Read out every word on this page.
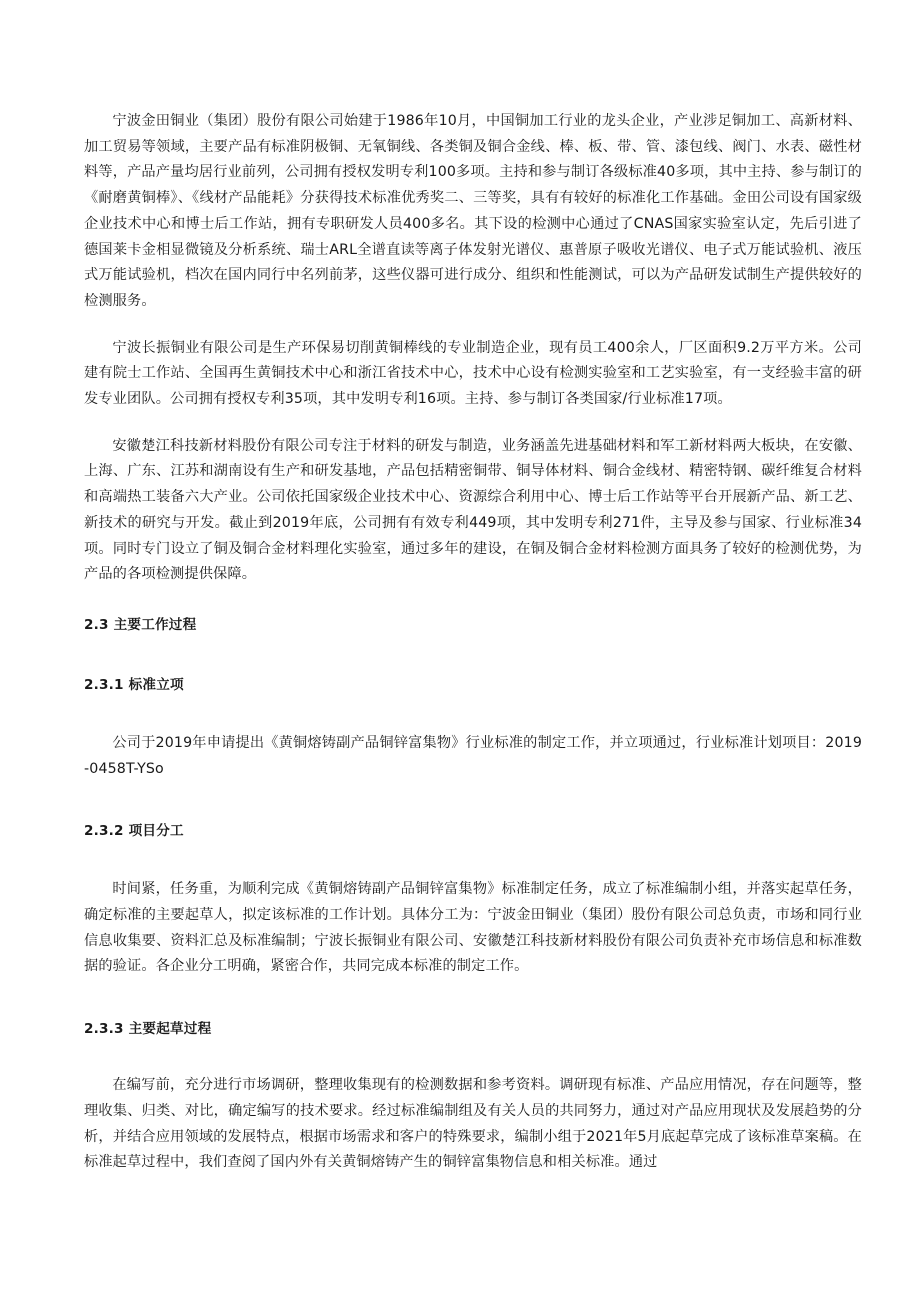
宁波金田铜业（集团）股份有限公司始建于1986年10月，中国铜加工行业的龙头企业，产业涉足铜加工、高新材料、加工贸易等领域，主要产品有标准阴极铜、无氧铜线、各类铜及铜合金线、棒、板、带、管、漆包线、阀门、水表、磁性材料等，产品产量均居行业前列，公司拥有授权发明专利100多项。主持和参与制订各级标准40多项，其中主持、参与制订的《耐磨黄铜棒》、《线材产品能耗》分获得技术标准优秀奖二、三等奖，具有有较好的标准化工作基础。金田公司设有国家级企业技术中心和博士后工作站，拥有专职研发人员400多名。其下设的检测中心通过了CNAS国家实验室认定，先后引进了德国莱卡金相显微镜及分析系统、瑞士ARL全谱直读等离子体发射光谱仪、惠普原子吸收光谱仪、电子式万能试验机、液压式万能试验机，档次在国内同行中名列前茅，这些仪器可进行成分、组织和性能测试，可以为产品研发试制生产提供较好的检测服务。

宁波长振铜业有限公司是生产环保易切削黄铜棒线的专业制造企业，现有员工400余人，厂区面积9.2万平方米。公司建有院士工作站、全国再生黄铜技术中心和浙江省技术中心，技术中心设有检测实验室和工艺实验室，有一支经验丰富的研发专业团队。公司拥有授权专利35项，其中发明专利16项。主持、参与制订各类国家/行业标准17项。

安徽楚江科技新材料股份有限公司专注于材料的研发与制造，业务涵盖先进基础材料和军工新材料两大板块，在安徽、上海、广东、江苏和湖南设有生产和研发基地，产品包括精密铜带、铜导体材料、铜合金线材、精密特钢、碳纤维复合材料和高端热工装备六大产业。公司依托国家级企业技术中心、资源综合利用中心、博士后工作站等平台开展新产品、新工艺、新技术的研究与开发。截止到2019年底，公司拥有有效专利449项，其中发明专利271件，主导及参与国家、行业标准34项。同时专门设立了铜及铜合金材料理化实验室，通过多年的建设，在铜及铜合金材料检测方面具务了较好的检测优势，为产品的各项检测提供保障。

2.3 主要工作过程
2.3.1 标准立项

公司于2019年申请提出《黄铜熔铸副产品铜锌富集物》行业标准的制定工作，并立项通过，行业标准计划项目：2019-0458T-YSo

2.3.2 项目分工

时间紧，任务重，为顺利完成《黄铜熔铸副产品铜锌富集物》标准制定任务，成立了标准编制小组，并落实起草任务，确定标准的主要起草人，拟定该标准的工作计划。具体分工为：宁波金田铜业（集团）股份有限公司总负责，市场和同行业信息收集要、资料汇总及标准编制；宁波长振铜业有限公司、安徽楚江科技新材料股份有限公司负责补充市场信息和标准数据的验证。各企业分工明确，紧密合作，共同完成本标准的制定工作。

2.3.3 主要起草过程

在编写前，充分进行市场调研，整理收集现有的检测数据和参考资料。调研现有标准、产品应用情况，存在问题等，整理收集、归类、对比，确定编写的技术要求。经过标准编制组及有关人员的共同努力，通过对产品应用现状及发展趋势的分析，并结合应用领域的发展特点，根据市场需求和客户的特殊要求，编制小组于2021年5月底起草完成了该标准草案稿。在标准起草过程中，我们查阅了国内外有关黄铜熔铸产生的铜锌富集物信息和相关标准。通过
